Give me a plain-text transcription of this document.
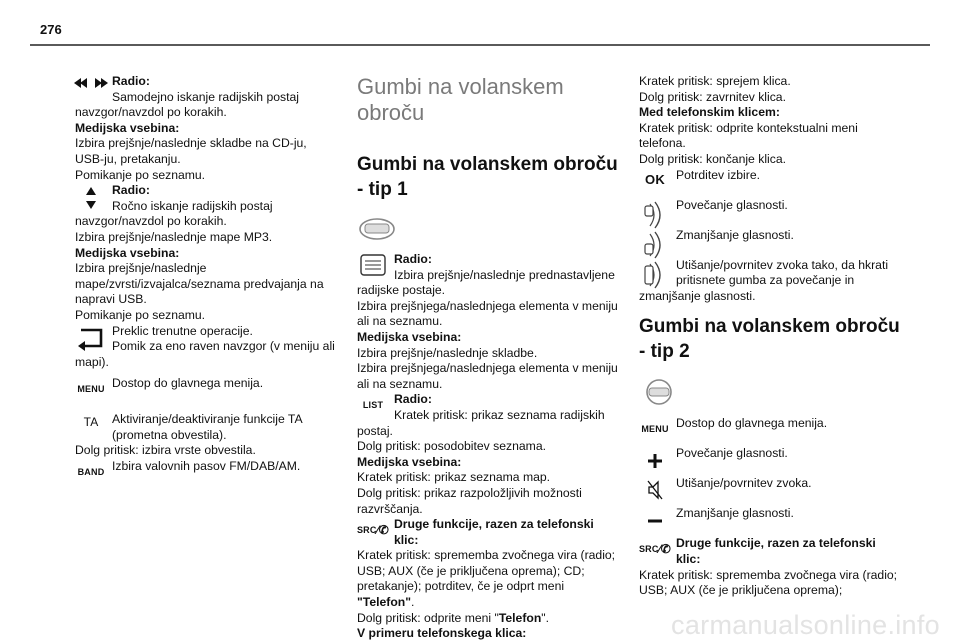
276

Radio:

Samodejno iskanje radijskih postaj navzgor/navzdol po korakih.

Medijska vsebina:

Izbira prejšnje/naslednje skladbe na CD-ju, USB-ju, pretakanju.

Pomikanje po seznamu.

Radio:

Ročno iskanje radijskih postaj navzgor/navzdol po korakih.

Izbira prejšnje/naslednje mape MP3.

Medijska vsebina:

Izbira prejšnje/naslednje mape/zvrsti/izvajalca/seznama predvajanja na napravi USB.

Pomikanje po seznamu.

Preklic trenutne operacije.

Pomik za eno raven navzgor (v meniju ali mapi).

MENU Dostop do glavnega menija.

TA	Aktiviranje/deaktiviranje funkcije TA (prometna obvestila).

Dolg pritisk: izbira vrste obvestila.

BAND Izbira valovnih pasov FM/DAB/AM.

Gumbi na volanskem obroču
Gumbi na volanskem obroču - tip 1

Radio:

Izbira prejšnje/naslednje prednastavljene radijske postaje.

Izbira prejšnjega/naslednjega elementa v meniju ali na seznamu.

Medijska vsebina:

Izbira prejšnje/naslednje skladbe.

Izbira prejšnjega/naslednjega elementa v meniju ali na seznamu.

LIST Radio:

Kratek pritisk: prikaz seznama radijskih postaj.

Dolg pritisk: posodobitev seznama.

Medijska vsebina:

Kratek pritisk: prikaz seznama map.

Dolg pritisk: prikaz razpoložljivih možnosti razvrščanja.

SRC ⁄✆ Druge funkcije, razen za telefonski klic:

Kratek pritisk: sprememba zvočnega vira (radio; USB; AUX (če je priključena oprema); CD; pretakanje); potrditev, če je odprt meni "Telefon".

Dolg pritisk: odprite meni "Telefon".

V primeru telefonskega klica:

Kratek pritisk: sprejem klica.

Dolg pritisk: zavrnitev klica.

Med telefonskim klicem:

Kratek pritisk: odprite kontekstualni meni telefona.

Dolg pritisk: končanje klica.

OK Potrditev izbire.

Povečanje glasnosti.

Zmanjšanje glasnosti.

Utišanje/povrnitev zvoka tako, da hkrati pritisnete gumba za povečanje in zmanjšanje glasnosti.

Gumbi na volanskem obroču - tip 2
MENU Dostop do glavnega menija.

Povečanje glasnosti.

Utišanje/povrnitev zvoka.

Zmanjšanje glasnosti.

SRC ⁄✆ Druge funkcije, razen za telefonski klic:

Kratek pritisk: sprememba zvočnega vira (radio; USB; AUX (če je priključena oprema);

carmanualsonline.info
